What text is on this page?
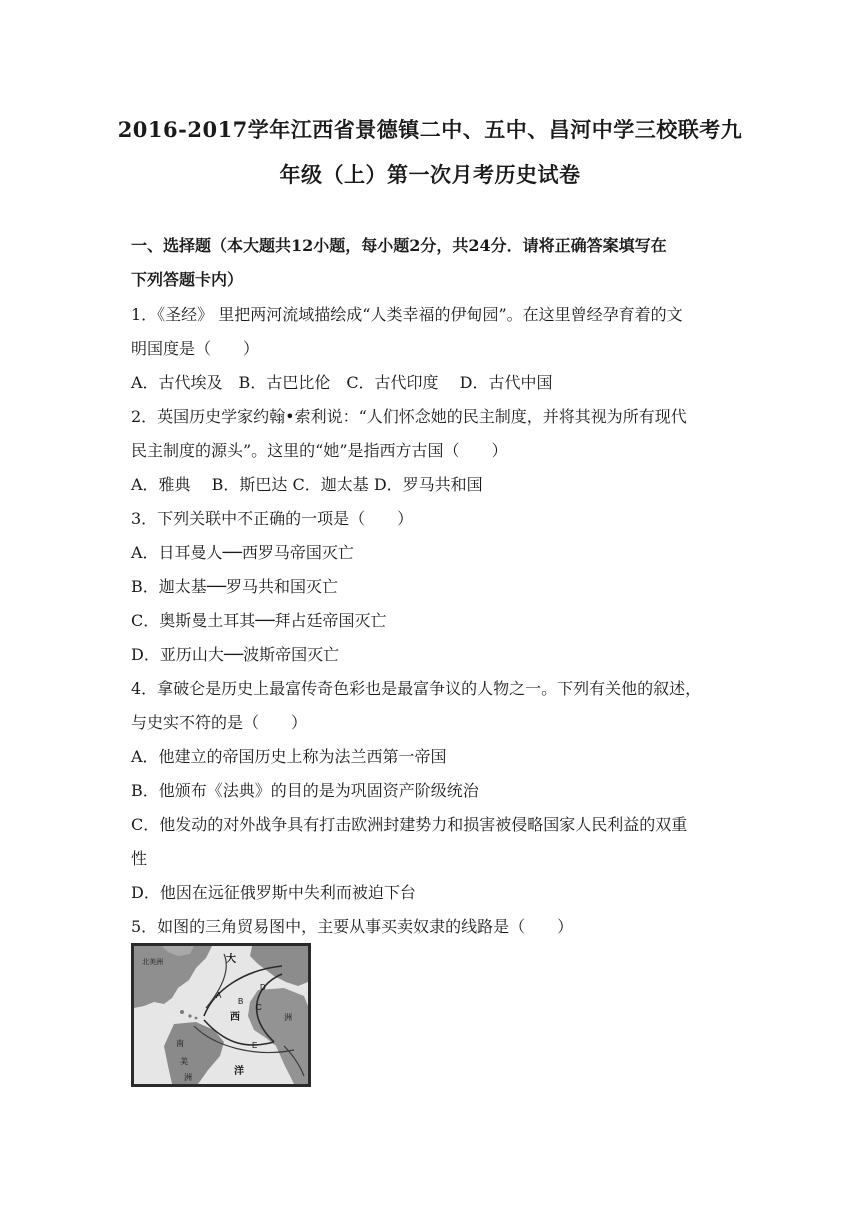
2016-2017学年江西省景德镇二中、五中、昌河中学三校联考九
年级（上）第一次月考历史试卷
一、选择题（本大题共12小题，每小题2分，共24分．请将正确答案填写在
下列答题卡内）
1．《圣经》 里把两河流域描绘成“人类幸福的伊甸园”。在这里曾经孕育着的文
明国度是（　　）
A．古代埃及　B．古巴比伦　C．古代印度　 D．古代中国
2．英国历史学家约翰•索利说：“人们怀念她的民主制度，并将其视为所有现代
民主制度的源头”。这里的“她”是指西方古国（　　）
A．雅典　 B．斯巴达 C．迦太基 D．罗马共和国
3．下列关联中不正确的一项是（　　）
A．日耳曼人──西罗马帝国灭亡
B．迦太基──罗马共和国灭亡
C．奥斯曼土耳其──拜占廷帝国灭亡
D．亚历山大──波斯帝国灭亡
4．拿破仑是历史上最富传奇色彩也是最富争议的人物之一。下列有关他的叙述，
与史实不符的是（　　）
A．他建立的帝国历史上称为法兰西第一帝国
B．他颁布《法典》的目的是为巩固资产阶级统治
C．他发动的对外战争具有打击欧洲封建势力和损害被侵略国家人民利益的双重
性
D．他因在远征俄罗斯中失利而被迫下台
5．如图的三角贸易图中，主要从事买卖奴隶的线路是（　　）
北美洲	大
西
洋
洲
南
美
洲
A
B
C
D
E
